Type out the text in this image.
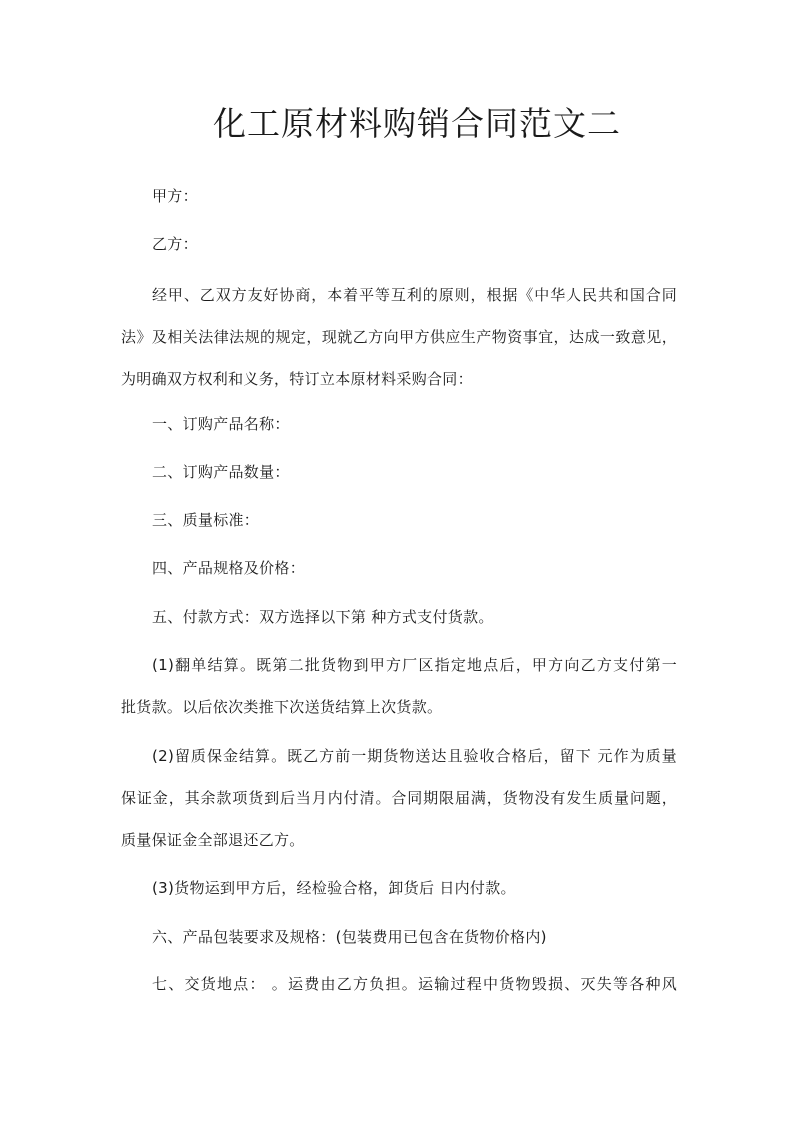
化工原材料购销合同范文二

甲方：

乙方：

经甲、乙双方友好协商，本着平等互利的原则，根据《中华人民共和国合同
法》及相关法律法规的规定，现就乙方向甲方供应生产物资事宜，达成一致意见，
为明确双方权利和义务，特订立本原材料采购合同：

一、订购产品名称：

二、订购产品数量：

三、质量标准：

四、产品规格及价格：

五、付款方式：双方选择以下第 种方式支付货款。

(1)翻单结算。既第二批货物到甲方厂区指定地点后，甲方向乙方支付第一
批货款。以后依次类推下次送货结算上次货款。
(2)留质保金结算。既乙方前一期货物送达且验收合格后，留下 元作为质量
保证金，其余款项货到后当月内付清。合同期限届满，货物没有发生质量问题，
质量保证金全部退还乙方。

(3)货物运到甲方后，经检验合格，卸货后 日内付款。

六、产品包装要求及规格：(包装费用已包含在货物价格内)

七、交货地点： 。运费由乙方负担。运输过程中货物毁损、灭失等各种风
